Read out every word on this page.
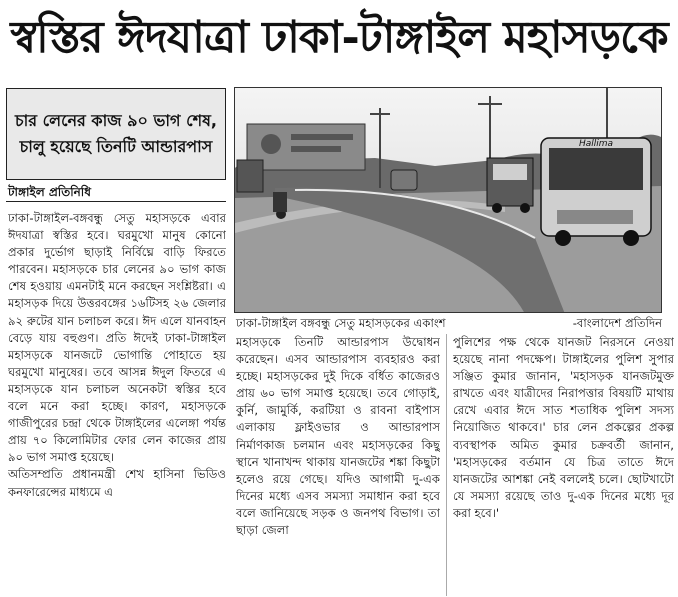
স্বস্তির ঈদযাত্রা ঢাকা-টাঙ্গাইল মহাসড়কে
চার লেনের কাজ ৯০ ভাগ শেষ, চালু হয়েছে তিনটি আন্ডারপাস
টাঙ্গাইল প্রতিনিধি

ঢাকা-টাঙ্গাইল-বঙ্গবন্ধু সেতু মহাসড়কে এবার ঈদযাত্রা স্বস্তির হবে। ঘরমুখো মানুষ কোনো প্রকার দুর্ভোগ ছাড়াই নির্বিঘ্নে বাড়ি ফিরতে পারবেন। মহাসড়কে চার লেনের ৯০ ভাগ কাজ শেষ হওয়ায় এমনটাই মনে করছেন সংশ্লিষ্টরা। এ মহাসড়ক দিয়ে উত্তরবঙ্গের ১৬টিসহ ২৬ জেলার ৯২ রুটের যান চলাচল করে। ঈদ এলে যানবাহন বেড়ে যায় বহুগুণ। প্রতি ঈদেই ঢাকা-টাঙ্গাইল মহাসড়কে যানজটে ভোগান্তি পোহাতে হয় ঘরমুখো মানুষের। তবে আসন্ন ঈদুল ফিতরে এ মহাসড়কে যান চলাচল অনেকটা স্বস্তির হবে বলে মনে করা হচ্ছে। কারণ, মহাসড়কে গাজীপুরের চন্দ্রা থেকে টাঙ্গাইলের এলেঙ্গা পর্যন্ত প্রায় ৭০ কিলোমিটার ফোর লেন কাজের প্রায় ৯০ ভাগ সমাপ্ত হয়েছে।

অতিসম্প্রতি প্রধানমন্ত্রী শেখ হাসিনা ভিডিও কনফারেন্সের মাধ্যমে এ

Hallima
ঢাকা-টাঙ্গাইল বঙ্গবন্ধু সেতু মহাসড়কের একাংশ	-বাংলাদেশ প্রতিদিন

মহাসড়কে তিনটি আন্ডারপাস উদ্বোধন করেছেন। এসব আন্ডারপাস ব্যবহারও করা হচ্ছে। মহাসড়কের দুই দিকে বর্ধিত কাজেরও প্রায় ৬০ ভাগ সমাপ্ত হয়েছে। তবে গোড়াই, কুর্নি, জামুর্কি, করটিয়া ও রাবনা বাইপাস এলাকায় ফ্লাইওভার ও আন্ডারপাস নির্মাণকাজ চলমান এবং মহাসড়কের কিছু স্থানে খানাখন্দ থাকায় যানজটের শঙ্কা কিছুটা হলেও রয়ে গেছে। যদিও আগামী দু-এক দিনের মধ্যে এসব সমস্যা সমাধান করা হবে বলে জানিয়েছে সড়ক ও জনপথ বিভাগ। তা ছাড়া জেলা

পুলিশের পক্ষ থেকে যানজট নিরসনে নেওয়া হয়েছে নানা পদক্ষেপ। টাঙ্গাইলের পুলিশ সুপার সঞ্জিত কুমার জানান, 'মহাসড়ক যানজটমুক্ত রাখতে এবং যাত্রীদের নিরাপত্তার বিষয়টি মাথায় রেখে এবার ঈদে সাত শতাধিক পুলিশ সদস্য নিয়োজিত থাকবে।' চার লেন প্রকল্পের প্রকল্প ব্যবস্থাপক অমিত কুমার চক্রবর্তী জানান, 'মহাসড়কের বর্তমান যে চিত্র তাতে ঈদে যানজটের আশঙ্কা নেই বললেই চলে। ছোটখাটো যে সমস্যা রয়েছে তাও দু-এক দিনের মধ্যে দূর করা হবে।'
